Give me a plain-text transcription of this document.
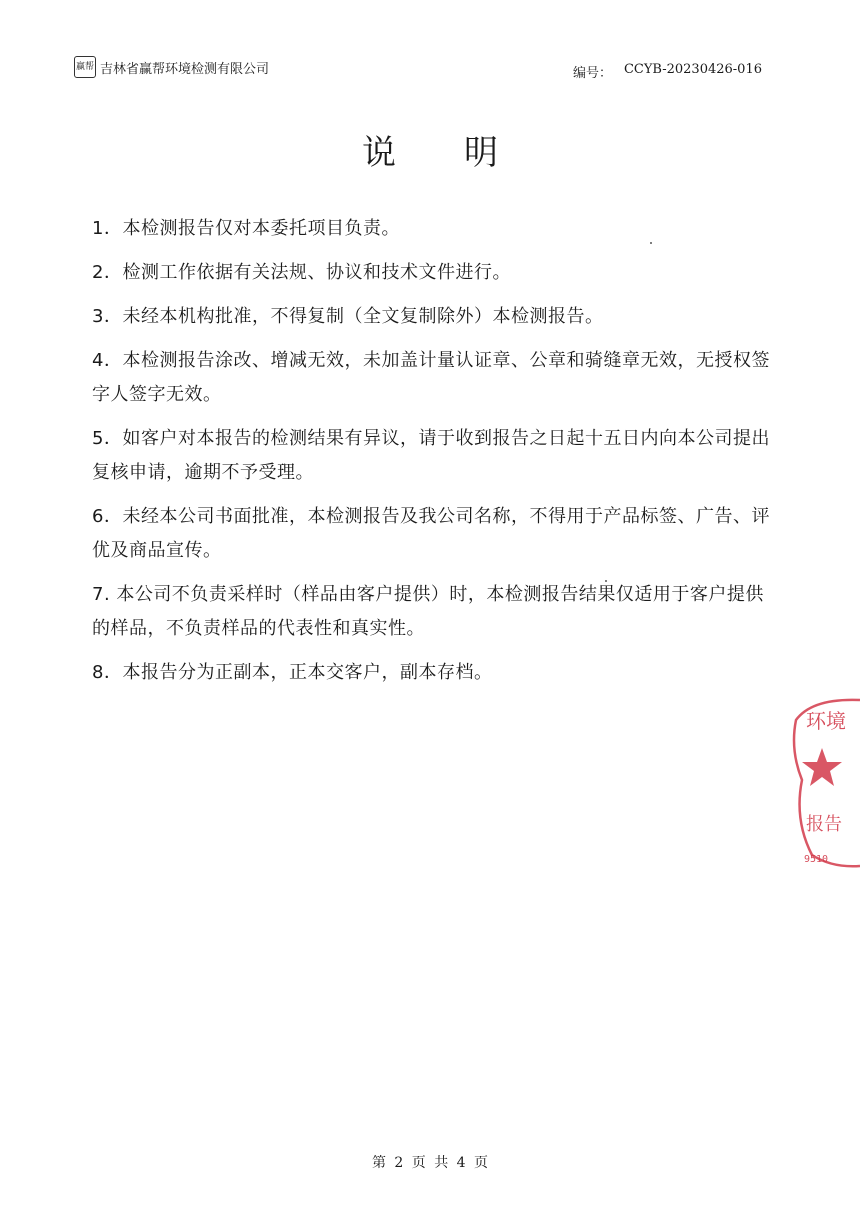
赢帮 吉林省赢帮环境检测有限公司	编号： CCYB-20230426-016
说明
1．本检测报告仅对本委托项目负责。
2．检测工作依据有关法规、协议和技术文件进行。
3．未经本机构批准，不得复制（全文复制除外）本检测报告。
4．本检测报告涂改、增减无效，未加盖计量认证章、公章和骑缝章无效，无授权签字人签字无效。
5．如客户对本报告的检测结果有异议，请于收到报告之日起十五日内向本公司提出复核申请，逾期不予受理。
6．未经本公司书面批准，本检测报告及我公司名称，不得用于产品标签、广告、评优及商品宣传。
7. 本公司不负责采样时（样品由客户提供）时，本检测报告结果仅适用于客户提供的样品，不负责样品的代表性和真实性。
8．本报告分为正副本，正本交客户，副本存档。
环境
报告
9510
第 2 页 共 4 页
